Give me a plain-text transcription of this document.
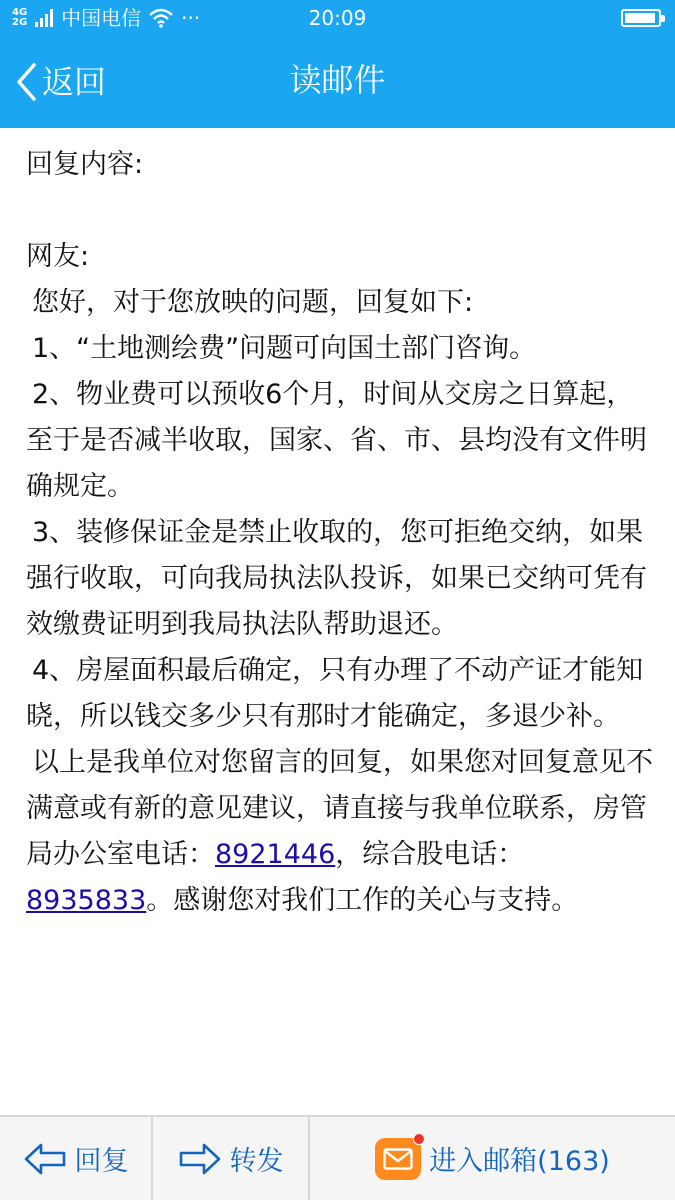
4G
2G 中国电信 ···	20:09
返回	读邮件

回复内容:

网友:

您好，对于您放映的问题，回复如下:

1、“土地测绘费”问题可向国土部门咨询。

2、物业费可以预收6个月，时间从交房之日算起，至于是否减半收取，国家、省、市、县均没有文件明确规定。

3、装修保证金是禁止收取的，您可拒绝交纳，如果强行收取，可向我局执法队投诉，如果已交纳可凭有效缴费证明到我局执法队帮助退还。

4、房屋面积最后确定，只有办理了不动产证才能知晓，所以钱交多少只有那时才能确定，多退少补。

以上是我单位对您留言的回复，如果您对回复意见不满意或有新的意见建议，请直接与我单位联系，房管局办公室电话：8921446，综合股电话：8935833。感谢您对我们工作的关心与支持。

回复	转发	进入邮箱(163)
